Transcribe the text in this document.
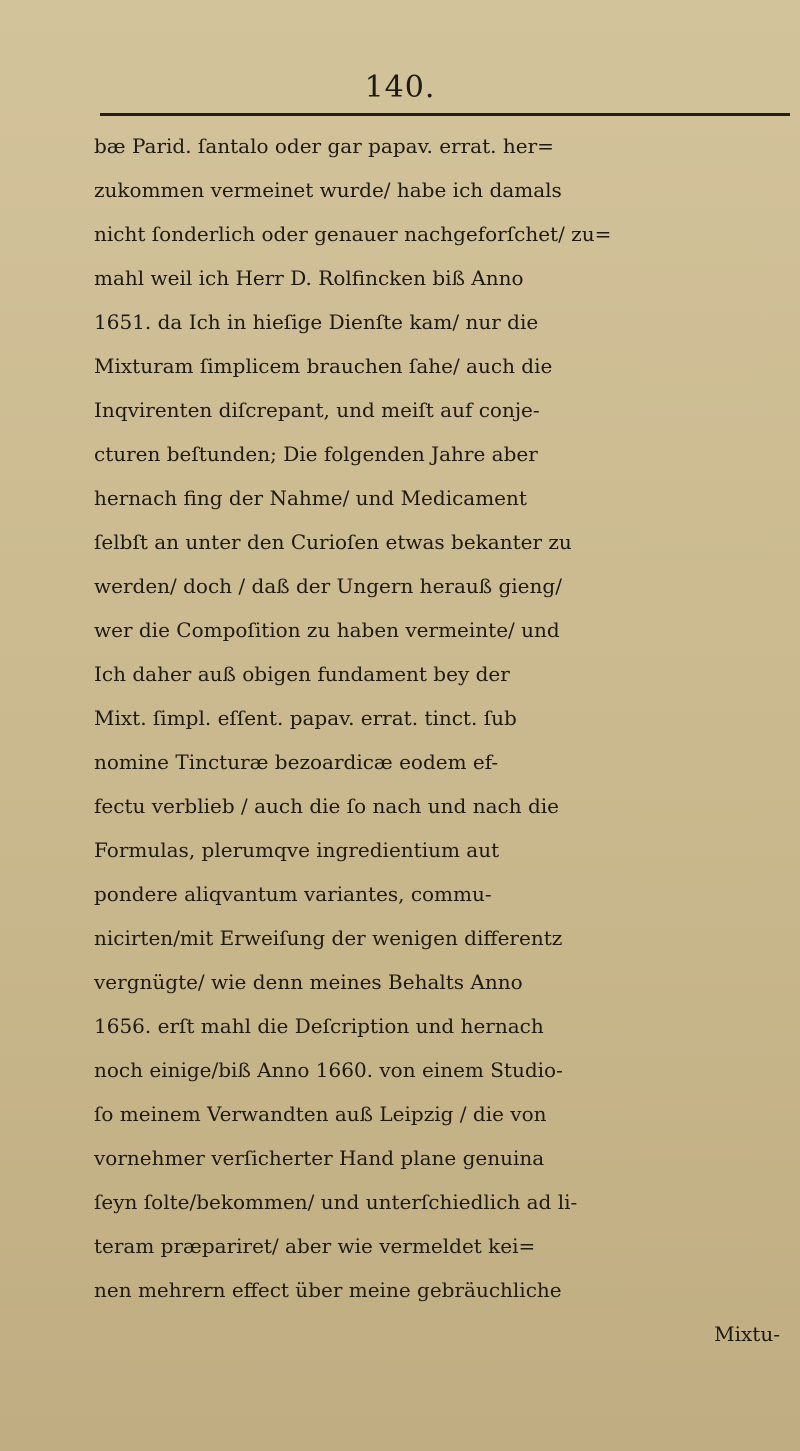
140.
bæ Parid. ſantalo oder gar papav. errat. her=
zukommen vermeinet wurde/ habe ich damals
nicht ſonderlich oder genauer nachgeforſchet/ zu=
mahl weil ich Herr D. Rolfincken biß Anno
1651. da Ich in hieſige Dienſte kam/ nur die
Mixturam ſimplicem brauchen ſahe/ auch die
Inqvirenten diſcrepant, und meiſt auf conje-
cturen beſtunden; Die folgenden Jahre aber
hernach fing der Nahme/ und Medicament
ſelbſt an unter den Curioſen etwas bekanter zu
werden/ doch / daß der Ungern herauß gieng/
wer die Compoſition zu haben vermeinte/ und
Ich daher auß obigen fundament bey der
Mixt. ſimpl. eſſent. papav. errat. tinct. ſub
nomine Tincturæ bezoardicæ eodem ef-
fectu verblieb / auch die ſo nach und nach die
Formulas, plerumqve ingredientium aut
pondere aliqvantum variantes, commu-
nicirten/mit Erweiſung der wenigen differentz
vergnügte/ wie denn meines Behalts Anno
1656. erſt mahl die Deſcription und hernach
noch einige/biß Anno 1660. von einem Studio-
ſo meinem Verwandten auß Leipzig / die von
vornehmer verſicherter Hand plane genuina
ſeyn ſolte/bekommen/ und unterſchiedlich ad li-
teram præpariret/ aber wie vermeldet kei=
nen mehrern effect über meine gebräuchliche
Mixtu-
